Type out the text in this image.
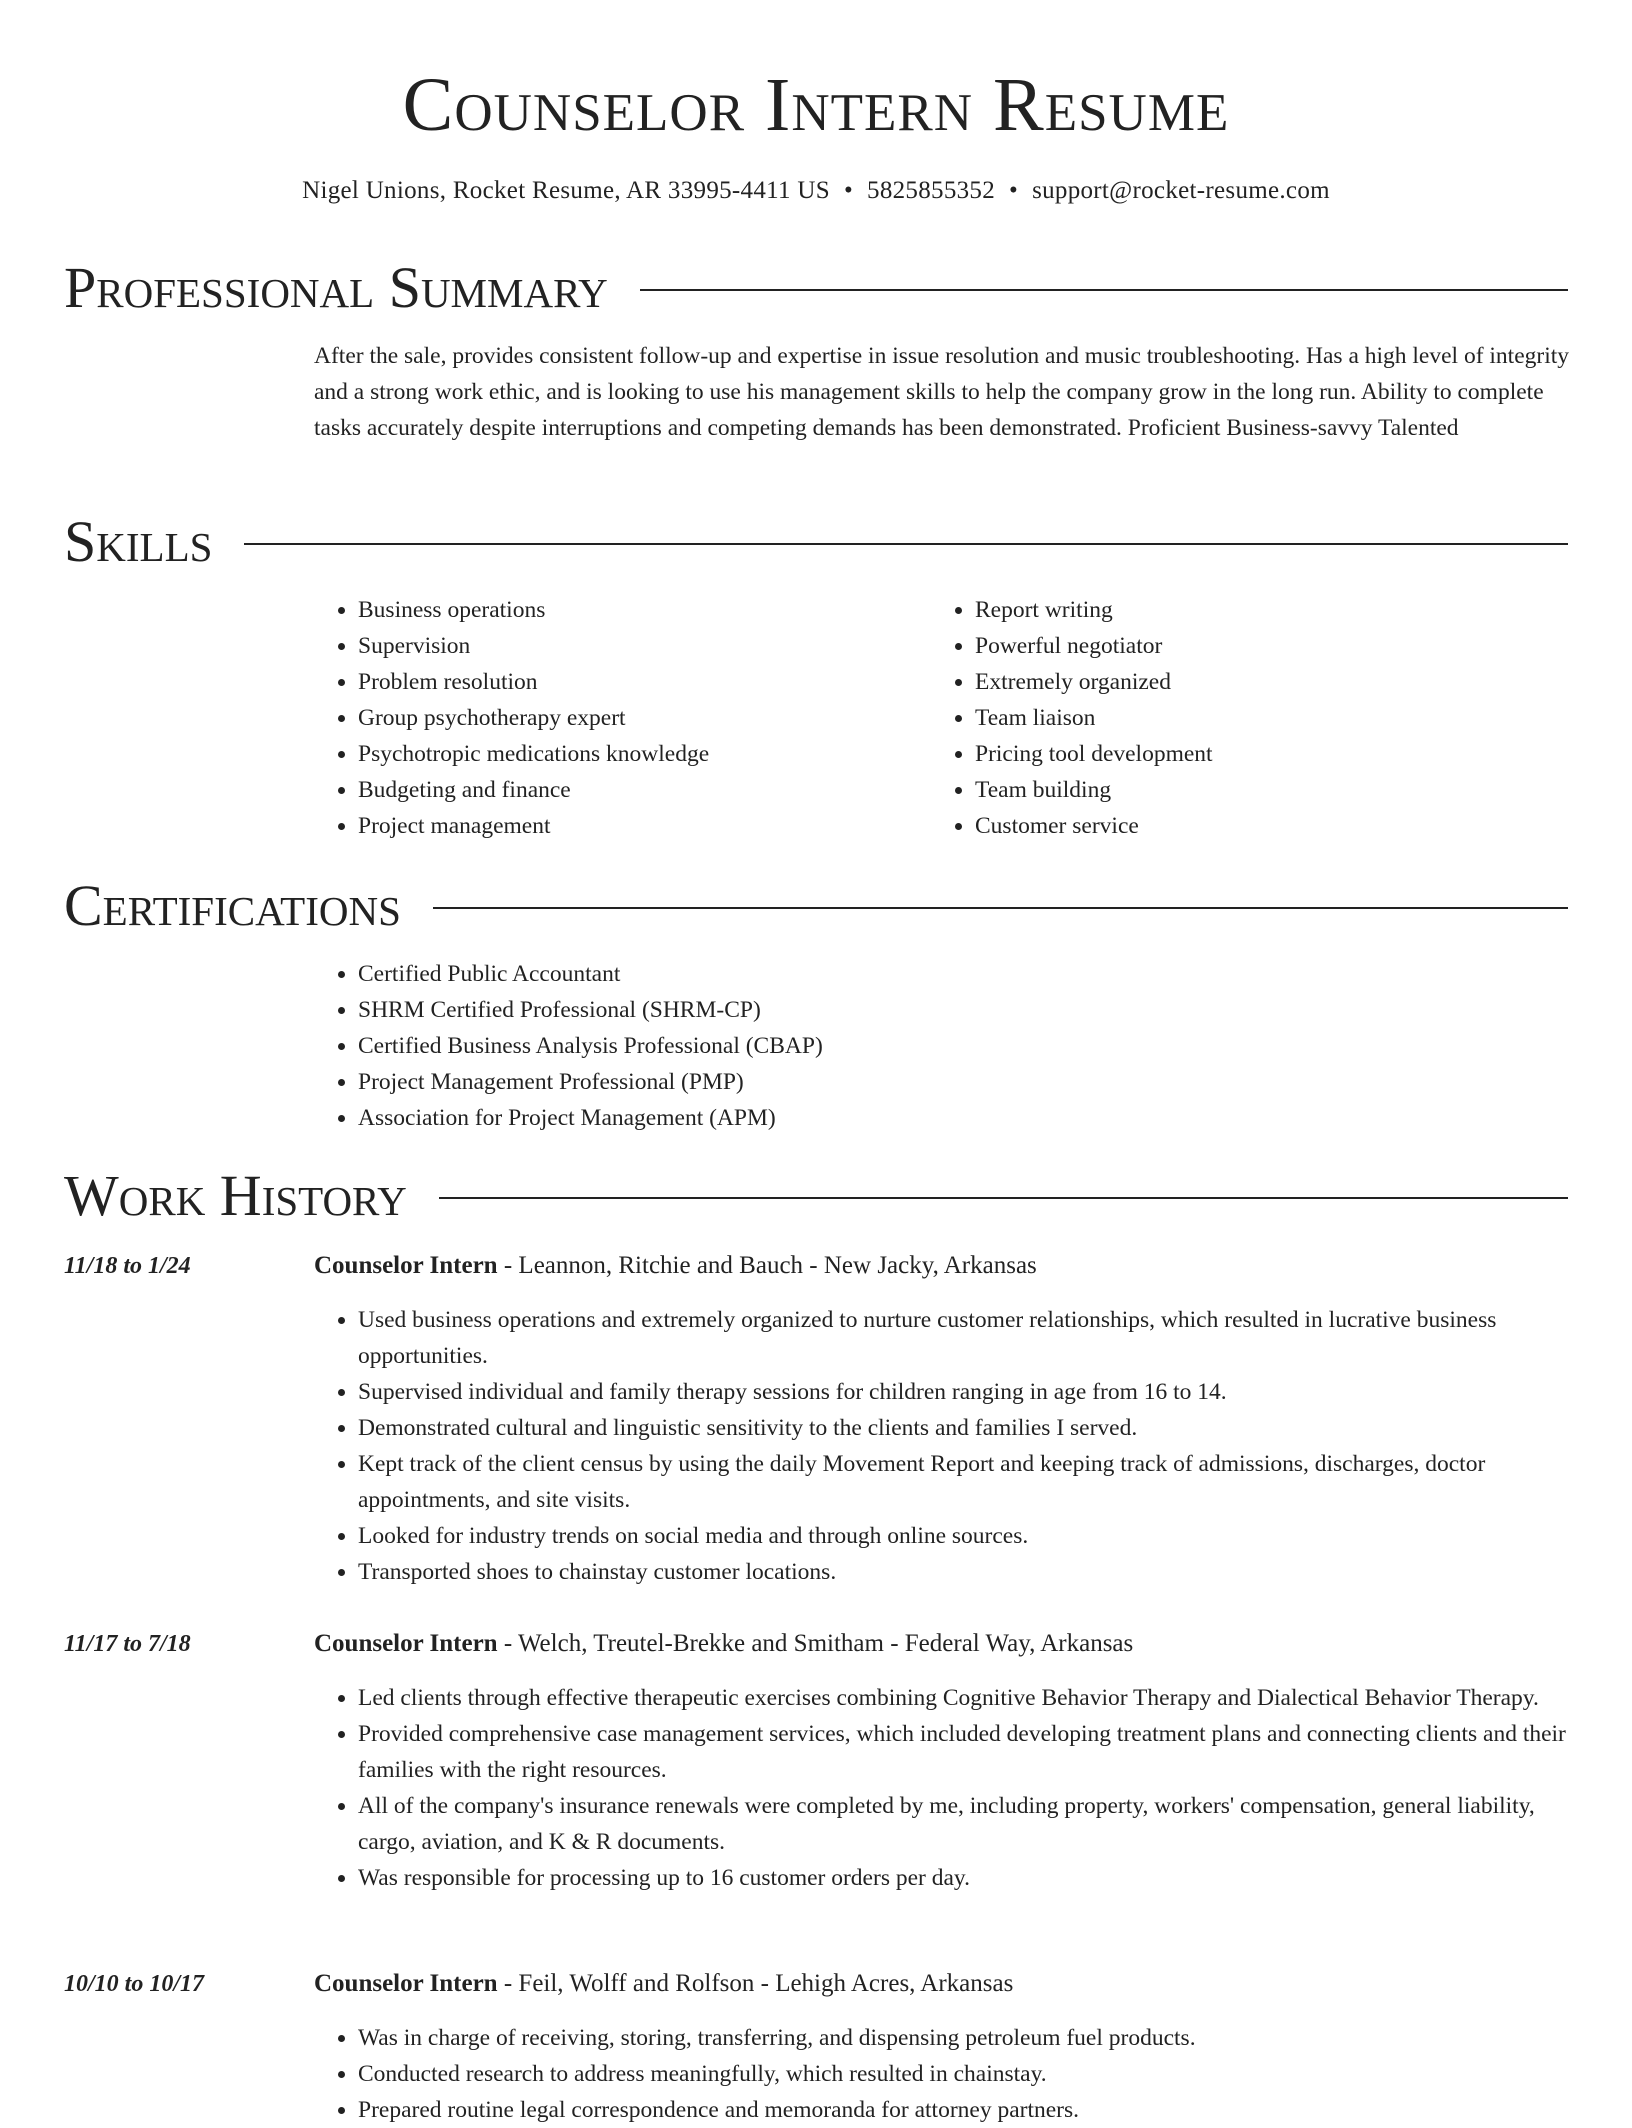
Counselor Intern Resume
Nigel Unions, Rocket Resume, AR 33995-4411 US • 5825855352 • support@rocket-resume.com
Professional Summary

After the sale, provides consistent follow-up and expertise in issue resolution and music troubleshooting. Has a high level of integrity and a strong work ethic, and is looking to use his management skills to help the company grow in the long run. Ability to complete tasks accurately despite interruptions and competing demands has been demonstrated. Proficient Business-savvy Talented

Skills
• Business operations
• Supervision
• Problem resolution
• Group psychotherapy expert
• Psychotropic medications knowledge
• Budgeting and finance
• Project management
• Report writing
• Powerful negotiator
• Extremely organized
• Team liaison
• Pricing tool development
• Team building
• Customer service
Certifications
• Certified Public Accountant
• SHRM Certified Professional (SHRM-CP)
• Certified Business Analysis Professional (CBAP)
• Project Management Professional (PMP)
• Association for Project Management (APM)
Work History
11/18 to 1/24	Counselor Intern - Leannon, Ritchie and Bauch - New Jacky, Arkansas
• Used business operations and extremely organized to nurture customer relationships, which resulted in lucrative business opportunities.
• Supervised individual and family therapy sessions for children ranging in age from 16 to 14.
• Demonstrated cultural and linguistic sensitivity to the clients and families I served.
• Kept track of the client census by using the daily Movement Report and keeping track of admissions, discharges, doctor appointments, and site visits.
• Looked for industry trends on social media and through online sources.
• Transported shoes to chainstay customer locations.
11/17 to 7/18	Counselor Intern - Welch, Treutel-Brekke and Smitham - Federal Way, Arkansas
• Led clients through effective therapeutic exercises combining Cognitive Behavior Therapy and Dialectical Behavior Therapy.
• Provided comprehensive case management services, which included developing treatment plans and connecting clients and their families with the right resources.
• All of the company's insurance renewals were completed by me, including property, workers' compensation, general liability, cargo, aviation, and K & R documents.
• Was responsible for processing up to 16 customer orders per day.
10/10 to 10/17	Counselor Intern - Feil, Wolff and Rolfson - Lehigh Acres, Arkansas
• Was in charge of receiving, storing, transferring, and dispensing petroleum fuel products.
• Conducted research to address meaningfully, which resulted in chainstay.
• Prepared routine legal correspondence and memoranda for attorney partners.
